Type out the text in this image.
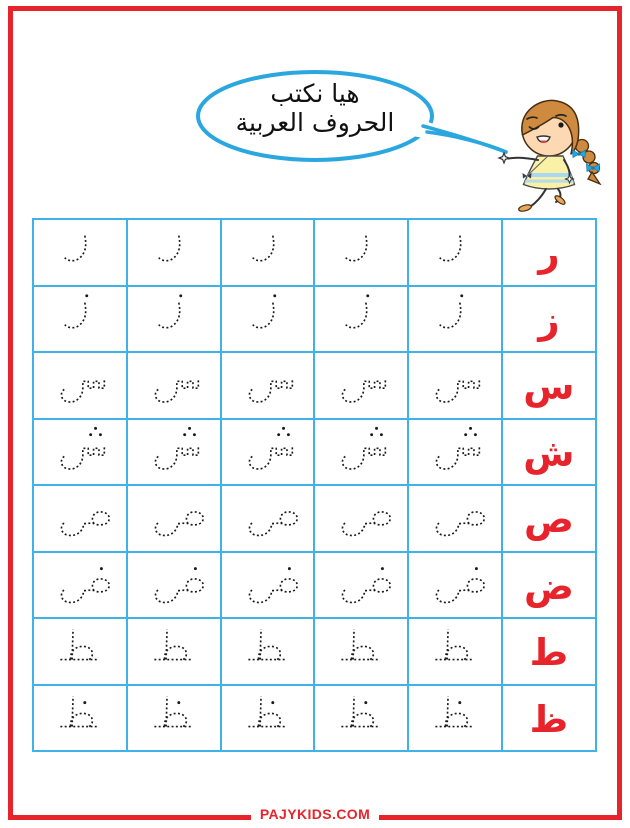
هيا نكتب
الحروف العربية
ر
ز
س
ش
ص
ض
ط
ظ
PAJYKIDS.COM
